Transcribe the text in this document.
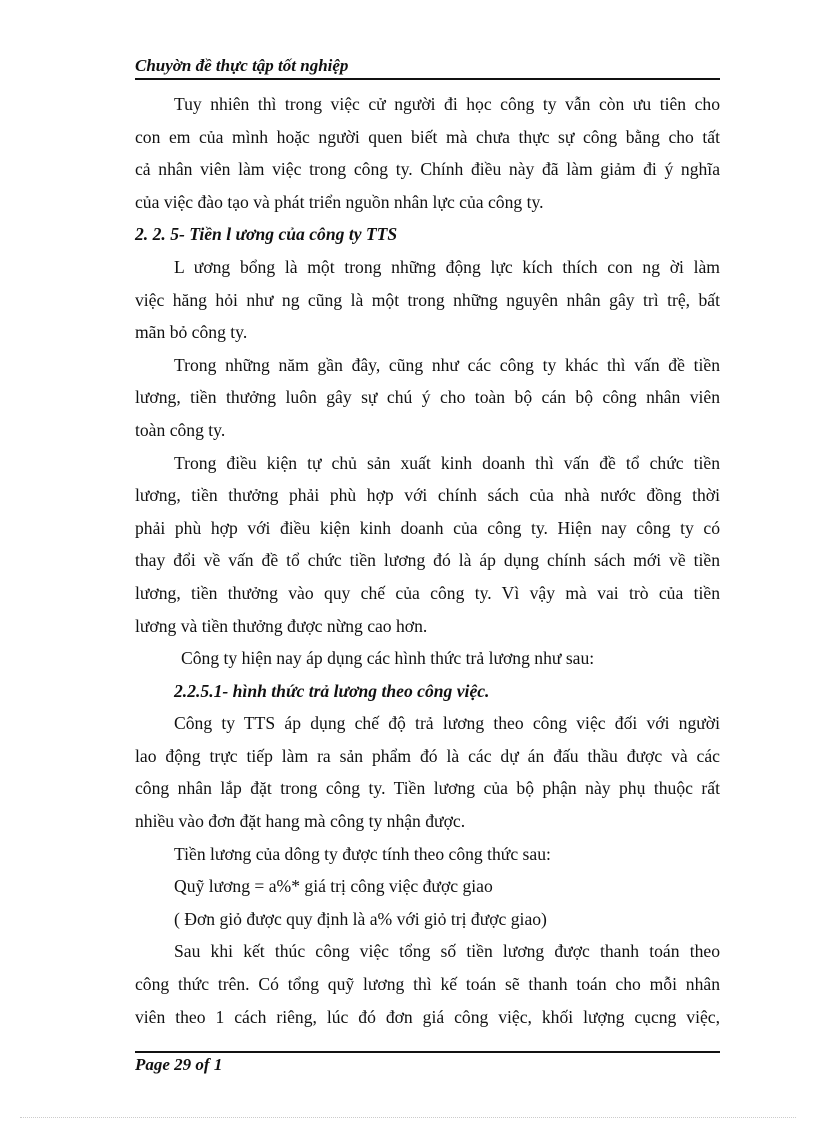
Chuyờn đề thực tập tốt nghiệp
Tuy nhiên thì trong việc cử người đi học công ty vẫn còn ưu tiên cho
con em của mình hoặc người quen biết mà chưa thực sự công bằng cho tất
cả nhân viên làm việc trong công ty. Chính điều này đã làm giảm đi ý nghĩa
của việc đào tạo và phát triển nguồn nhân lực của công ty.
2. 2. 5- Tiền l ương của công ty TTS
L ương bổng là một trong những động lực kích thích con ng ời làm
việc hăng hỏi như ng cũng là một trong những nguyên nhân gây trì trệ, bất
mãn bỏ công ty.
Trong những năm gần đây, cũng như các công ty khác thì vấn đề tiền
lương, tiền thưởng luôn gây sự chú ý cho toàn bộ cán bộ công nhân viên
toàn công ty.
Trong điều kiện tự chủ sản xuất kinh doanh thì vấn đề tổ chức tiền
lương, tiền thưởng phải phù hợp với chính sách của nhà nước đồng thời
phải phù hợp với điều kiện kinh doanh của công ty. Hiện nay công ty có
thay đổi về vấn đề tổ chức tiền lương đó là áp dụng chính sách mới về tiền
lương, tiền thưởng vào quy chế của công ty. Vì vậy mà vai trò của tiền
lương và tiền thưởng được nừng cao hơn.
Công ty hiện nay áp dụng các hình thức trả lương như sau:
2.2.5.1- hình thức trả lương theo công việc.
Công ty TTS áp dụng chế độ trả lương theo công việc đối với người
lao động trực tiếp làm ra sản phẩm đó là các dự án đấu thầu được và các
công nhân lắp đặt trong công ty. Tiền lương của bộ phận này phụ thuộc rất
nhiều vào đơn đặt hang mà công ty nhận được.
Tiền lương của dông ty được tính theo công thức sau:
Quỹ lương = a%* giá trị công việc được giao
( Đơn giỏ được quy định là a% với giỏ trị được giao)
Sau khi kết thúc công việc tổng số tiền lương được thanh toán theo
công thức trên. Có tổng quỹ lương thì kế toán sẽ thanh toán cho mỗi nhân
viên theo 1 cách riêng, lúc đó đơn giá công việc, khối lượng cụcng việc,
Page 29 of 1
